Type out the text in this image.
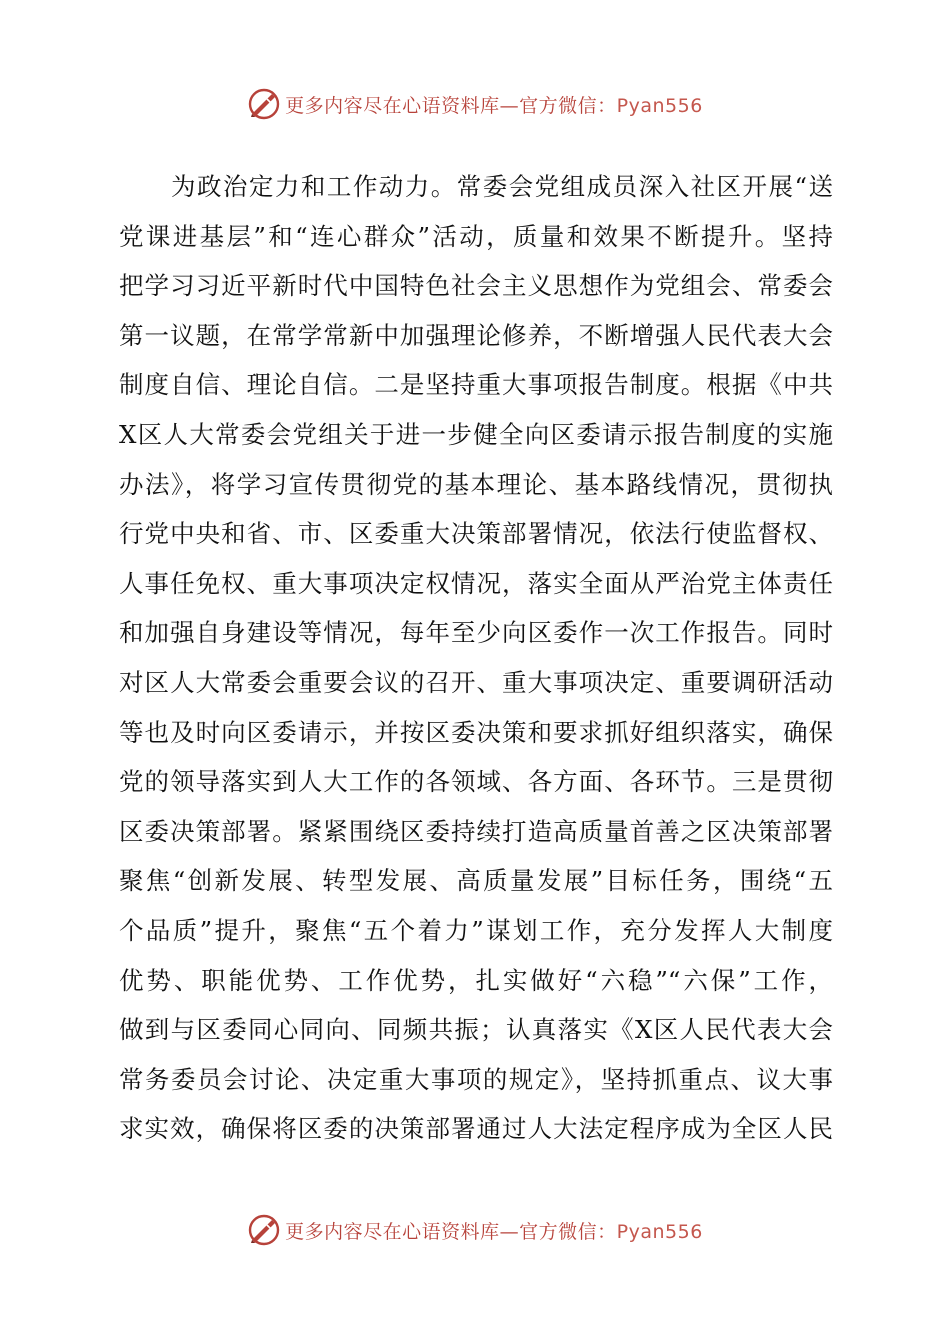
更多内容尽在心语资料库—官方微信：Pyan556
　　为政治定力和工作动力。常委会党组成员深入社区开展“送
党课进基层”和“连心群众”活动，质量和效果不断提升。坚持
把学习习近平新时代中国特色社会主义思想作为党组会、常委会
第一议题，在常学常新中加强理论修养，不断增强人民代表大会
制度自信、理论自信。二是坚持重大事项报告制度。根据《中共
X区人大常委会党组关于进一步健全向区委请示报告制度的实施
办法》，将学习宣传贯彻党的基本理论、基本路线情况，贯彻执
行党中央和省、市、区委重大决策部署情况，依法行使监督权、
人事任免权、重大事项决定权情况，落实全面从严治党主体责任
和加强自身建设等情况，每年至少向区委作一次工作报告。同时
对区人大常委会重要会议的召开、重大事项决定、重要调研活动
等也及时向区委请示，并按区委决策和要求抓好组织落实，确保
党的领导落实到人大工作的各领域、各方面、各环节。三是贯彻
区委决策部署。紧紧围绕区委持续打造高质量首善之区决策部署
聚焦“创新发展、转型发展、高质量发展”目标任务，围绕“五
个品质”提升，聚焦“五个着力”谋划工作，充分发挥人大制度
优势、职能优势、工作优势，扎实做好“六稳”“六保”工作，
做到与区委同心同向、同频共振；认真落实《X区人民代表大会
常务委员会讨论、决定重大事项的规定》，坚持抓重点、议大事
求实效，确保将区委的决策部署通过人大法定程序成为全区人民
更多内容尽在心语资料库—官方微信：Pyan556
